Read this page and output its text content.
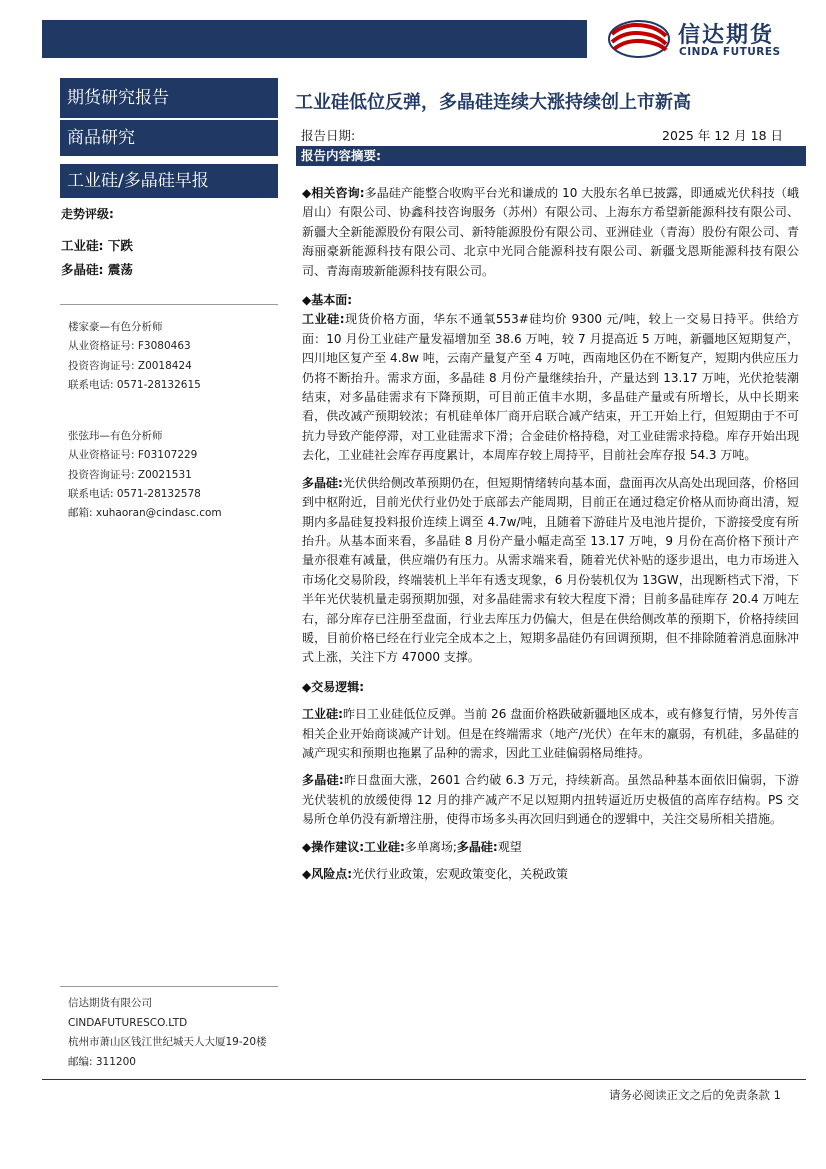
信达期货
CINDA FUTURES
期货研究报告
商品研究
工业硅/多晶硅早报
走势评级:
工业硅: 下跌
多晶硅: 震荡
楼家豪—有色分析师
从业资格证号: F3080463
投资咨询证号: Z0018424
联系电话: 0571-28132615
张弦玮—有色分析师
从业资格证号: F03107229
投资咨询证号: Z0021531
联系电话: 0571-28132578
邮箱: xuhaoran@cindasc.com
信达期货有限公司
CINDAFUTURESCO.LTD
杭州市萧山区钱江世纪城天人大厦19-20楼
邮编: 311200
工业硅低位反弹，多晶硅连续大涨持续创上市新高
报告日期:	2025 年 12 月 18 日
报告内容摘要:

◆相关咨询:多晶硅产能整合收购平台光和谦成的 10 大股东名单已披露，即通威光伏科技（峨眉山）有限公司、协鑫科技咨询服务（苏州）有限公司、上海东方希望新能源科技有限公司、新疆大全新能源股份有限公司、新特能源股份有限公司、亚洲硅业（青海）股份有限公司、青海丽豪新能源科技有限公司、北京中光同合能源科技有限公司、新疆戈恩斯能源科技有限公司、青海南玻新能源科技有限公司。

◆基本面:

工业硅:现货价格方面，华东不通氧553#硅均价 9300 元/吨，较上一交易日持平。供给方面：10 月份工业硅产量发福增加至 38.6 万吨，较 7 月提高近 5 万吨，新疆地区短期复产，四川地区复产至 4.8w 吨，云南产量复产至 4 万吨，西南地区仍在不断复产，短期内供应压力仍将不断抬升。需求方面，多晶硅 8 月份产量继续抬升，产量达到 13.17 万吨，光伏抢装潮结束，对多晶硅需求有下降预期，可目前正值丰水期，多晶硅产量或有所增长，从中长期来看，供改减产预期较浓；有机硅单体厂商开启联合减产结束，开工开始上行，但短期由于不可抗力导致产能停滞，对工业硅需求下滑；合金硅价格持稳，对工业硅需求持稳。库存开始出现去化，工业硅社会库存再度累计，本周库存较上周持平，目前社会库存报 54.3 万吨。

多晶硅:光伏供给侧改革预期仍在，但短期情绪转向基本面，盘面再次从高处出现回落，价格回到中枢附近，目前光伏行业仍处于底部去产能周期，目前正在通过稳定价格从而协商出清，短期内多晶硅复投料报价连续上调至 4.7w/吨，且随着下游硅片及电池片提价，下游接受度有所抬升。从基本面来看，多晶硅 8 月份产量小幅走高至 13.17 万吨，9 月份在高价格下预计产量亦很难有减量，供应端仍有压力。从需求端来看，随着光伏补贴的逐步退出，电力市场进入市场化交易阶段，终端装机上半年有透支现象，6 月份装机仅为 13GW，出现断档式下滑，下半年光伏装机量走弱预期加强，对多晶硅需求有较大程度下滑；目前多晶硅库存 20.4 万吨左右，部分库存已注册至盘面，行业去库压力仍偏大，但是在供给侧改革的预期下，价格持续回暖，目前价格已经在行业完全成本之上，短期多晶硅仍有回调预期，但不排除随着消息面脉冲式上涨，关注下方 47000 支撑。

◆交易逻辑:

工业硅:昨日工业硅低位反弹。当前 26 盘面价格跌破新疆地区成本，或有修复行情，另外传言相关企业开始商谈减产计划。但是在终端需求（地产/光伏）在年末的羸弱，有机硅，多晶硅的减产现实和预期也拖累了品种的需求，因此工业硅偏弱格局维持。

多晶硅:昨日盘面大涨，2601 合约破 6.3 万元，持续新高。虽然品种基本面依旧偏弱，下游光伏装机的放缓使得 12 月的排产减产不足以短期内扭转逼近历史极值的高库存结构。PS 交易所仓单仍没有新增注册，使得市场多头再次回归到通仓的逻辑中，关注交易所相关措施。

◆操作建议:工业硅:多单离场;多晶硅:观望

◆风险点:光伏行业政策，宏观政策变化，关税政策

请务必阅读正文之后的免责条款 1
